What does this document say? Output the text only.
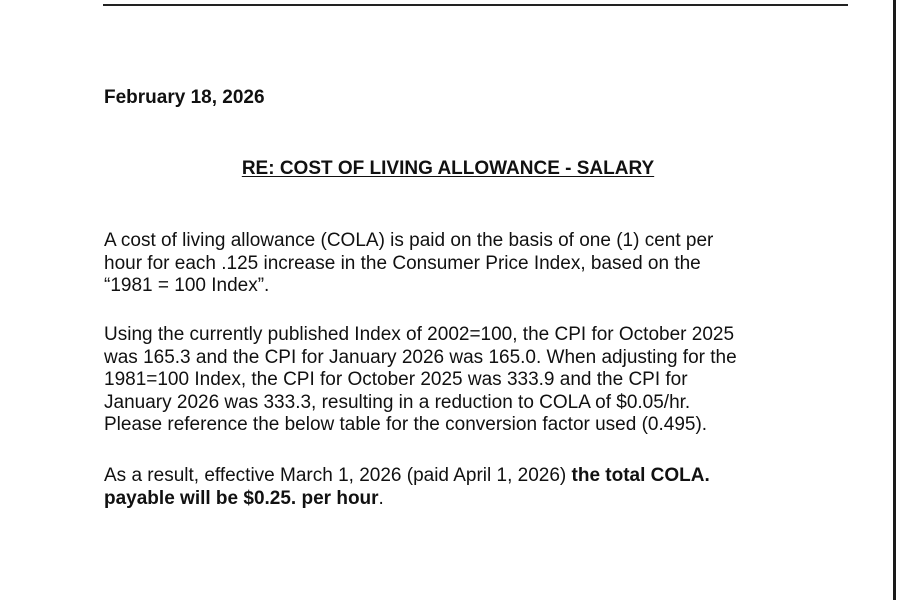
February 18, 2026
RE: COST OF LIVING ALLOWANCE - SALARY

A cost of living allowance (COLA) is paid on the basis of one (1) cent per
hour for each .125 increase in the Consumer Price Index, based on the
“1981 = 100 Index”.

Using the currently published Index of 2002=100, the CPI for October 2025
was 165.3 and the CPI for January 2026 was 165.0. When adjusting for the
1981=100 Index, the CPI for October 2025 was 333.9 and the CPI for
January 2026 was 333.3, resulting in a reduction to COLA of $0.05/hr.
Please reference the below table for the conversion factor used (0.495).

As a result, effective March 1, 2026 (paid April 1, 2026) the total COLA.
payable will be $0.25. per hour.
